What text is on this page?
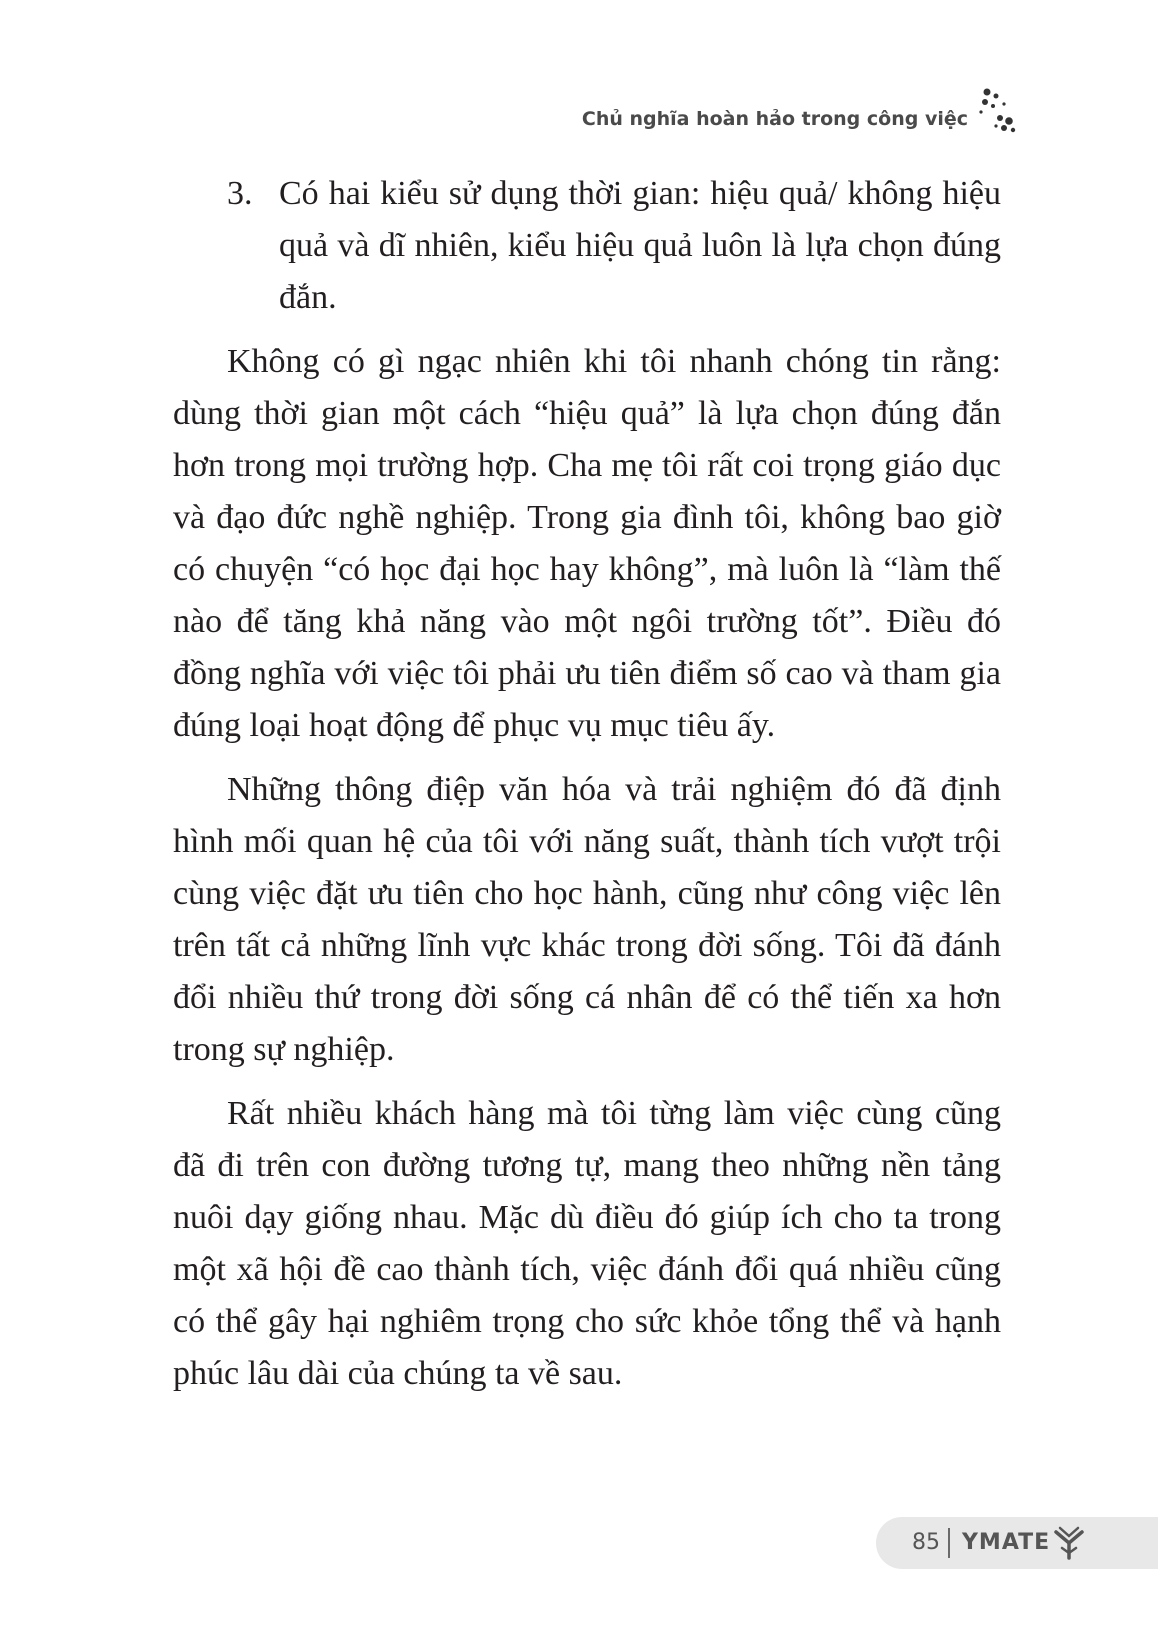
Chủ nghĩa hoàn hảo trong công việc
3. Có hai kiểu sử dụng thời gian: hiệu quả/ không hiệu quả và dĩ nhiên, kiểu hiệu quả luôn là lựa chọn đúng đắn.

Không có gì ngạc nhiên khi tôi nhanh chóng tin rằng: dùng thời gian một cách “hiệu quả” là lựa chọn đúng đắn hơn trong mọi trường hợp. Cha mẹ tôi rất coi trọng giáo dục và đạo đức nghề nghiệp. Trong gia đình tôi, không bao giờ có chuyện “có học đại học hay không”, mà luôn là “làm thế nào để tăng khả năng vào một ngôi trường tốt”. Điều đó đồng nghĩa với việc tôi phải ưu tiên điểm số cao và tham gia đúng loại hoạt động để phục vụ mục tiêu ấy.

Những thông điệp văn hóa và trải nghiệm đó đã định hình mối quan hệ của tôi với năng suất, thành tích vượt trội cùng việc đặt ưu tiên cho học hành, cũng như công việc lên trên tất cả những lĩnh vực khác trong đời sống. Tôi đã đánh đổi nhiều thứ trong đời sống cá nhân để có thể tiến xa hơn trong sự nghiệp.

Rất nhiều khách hàng mà tôi từng làm việc cùng cũng đã đi trên con đường tương tự, mang theo những nền tảng nuôi dạy giống nhau. Mặc dù điều đó giúp ích cho ta trong một xã hội đề cao thành tích, việc đánh đổi quá nhiều cũng có thể gây hại nghiêm trọng cho sức khỏe tổng thể và hạnh phúc lâu dài của chúng ta về sau.

85 YMATE
